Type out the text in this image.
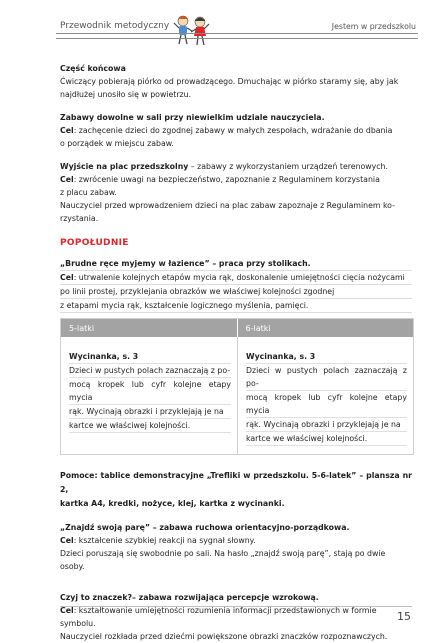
Przewodnik metodyczny	Jestem w przedszkolu

Część końcowa

Ćwiczący pobierają piórko od prowadzącego. Dmuchając w piórko staramy się, aby jak

najdłużej unosiło się w powietrzu.

Zabawy dowolne w sali przy niewielkim udziale nauczyciela.

Cel: zachęcenie dzieci do zgodnej zabawy w małych zespołach, wdrażanie do dbania

o porządek w miejscu zabaw.

Wyjście na plac przedszkolny – zabawy z wykorzystaniem urządzeń terenowych.

Cel: zwrócenie uwagi na bezpieczeństwo, zapoznanie z Regulaminem korzystania

z placu zabaw.

Nauczyciel przed wprowadzeniem dzieci na plac zabaw zapoznaje z Regulaminem ko-

rzystania.

POPOŁUDNIE

„Brudne ręce myjemy w łazience” – praca przy stolikach.

Cel: utrwalenie kolejnych etapów mycia rąk, doskonalenie umiejętności cięcia nożycami

po linii prostej, przyklejania obrazków we właściwej kolejności zgodnej

z etapami mycia rąk, kształcenie logicznego myślenia, pamięci.

5-latki	6-latki
Wycinanka, s. 3
Dzieci w pustych polach zaznaczają z po-
mocą kropek lub cyfr kolejne etapy mycia
rąk. Wycinają obrazki i przyklejają je na
kartce we właściwej kolejności.
Wycinanka, s. 3
Dzieci w pustych polach zaznaczają z po-
mocą kropek lub cyfr kolejne etapy mycia
rąk. Wycinają obrazki i przyklejają je na
kartce we właściwej kolejności.

Pomoce: tablice demonstracyjne „Trefliki w przedszkolu. 5-6-latek” – plansza nr 2,

kartka A4, kredki, nożyce, klej, kartka z wycinanki.

„Znajdź swoją parę” – zabawa ruchowa orientacyjno-porządkowa.

Cel: kształcenie szybkiej reakcji na sygnał słowny.

Dzieci poruszają się swobodnie po sali. Na hasło „znajdź swoją parę”, stają po dwie osoby.

Czyj to znaczek?– zabawa rozwijająca percepcje wzrokową.

Cel: kształtowanie umiejętności rozumienia informacji przedstawionych w formie symbolu.

Nauczyciel rozkłada przed dziećmi powiększone obrazki znaczków rozpoznawczych.

15
